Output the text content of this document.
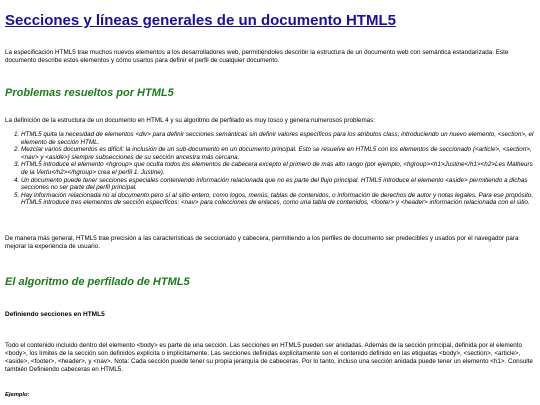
Secciones y líneas generales de un documento HTML5

La especificación HTML5 trae muchos nuevos elementos a los desarrolladores web, permitiéndoles describir la estructura de un documento web con semántica estandarizada. Este documento describe estos elementos y cómo usarlos para definir el perfil de cualquier documento.

Problemas resueltos por HTML5

La definición de la estructura de un documento en HTML 4 y su algoritmo de perfilado es muy tosco y genera numerosos problemas:

1. HTML5 quita la necesidad de elementos <div> para definir secciones semánticas sin definir valores específicos para los atributos class, introduciendo un nuevo elemento, <section>, el elemento de sección HTML.
2. Mezclar varios documentos es difícil: la inclusión de un sub-documento en un documento principal. Esto se resuelve en HTML5 con los elementos de seccionado (<article>, <section>, <nav> y <aside>) siempre subsecciones de su sección ancestra más cercana.
3. HTML5 introduce el elemento <hgroup> que oculta todos los elementos de cabecera excepto el primero de más alto rango (por ejemplo, <hgroup><h1>Justine</h1><h2>Les Malheurs de la Vertu</h2></hgroup> crea el perfil 1. Justine).
4. Un documento puede tener secciones especiales conteniendo información relacionada que no es parte del flujo principal. HTML5 introduce el elemento <aside> permitiendo a dichas secciones no ser parte del perfil principal.
5. Hay información relacionada no al documento pero sí al sitio entero, como logos, menús, tablas de contenidos, o información de derechos de autor y notas legales. Para ese propósito, HTML5 introduce tres elementos de sección específicos: <nav> para colecciones de enlaces, como una tabla de contenidos, <footer> y <header> información relacionada con el sitio.

De manera más general, HTML5 trae precisión a las características de seccionado y cabecera, permitiendo a los perfiles de documento ser predecibles y usados por el navegador para mejorar la experiencia de usuario.

El algoritmo de perfilado de HTML5

Definiendo secciones en HTML5

Todo el contenido incluido dentro del elemento <body> es parte de una sección. Las secciones en HTML5 pueden ser anidadas. Además de la sección principal, definida por el elemento <body>, los límites de la sección son definidos explícita o implícitamente. Las secciones definidas explícitamente son el contenido definido en las etiquetas <body>, <section>, <article>, <aside>, <footer>, <header>, y <nav>. Nota: Cada sección puede tener su propia jerarquía de cabeceras. Por lo tanto, incluso una sección anidada puede tener un elemento <h1>. Consulte también Definiendo cabeceras en HTML5.

Ejemplo:
